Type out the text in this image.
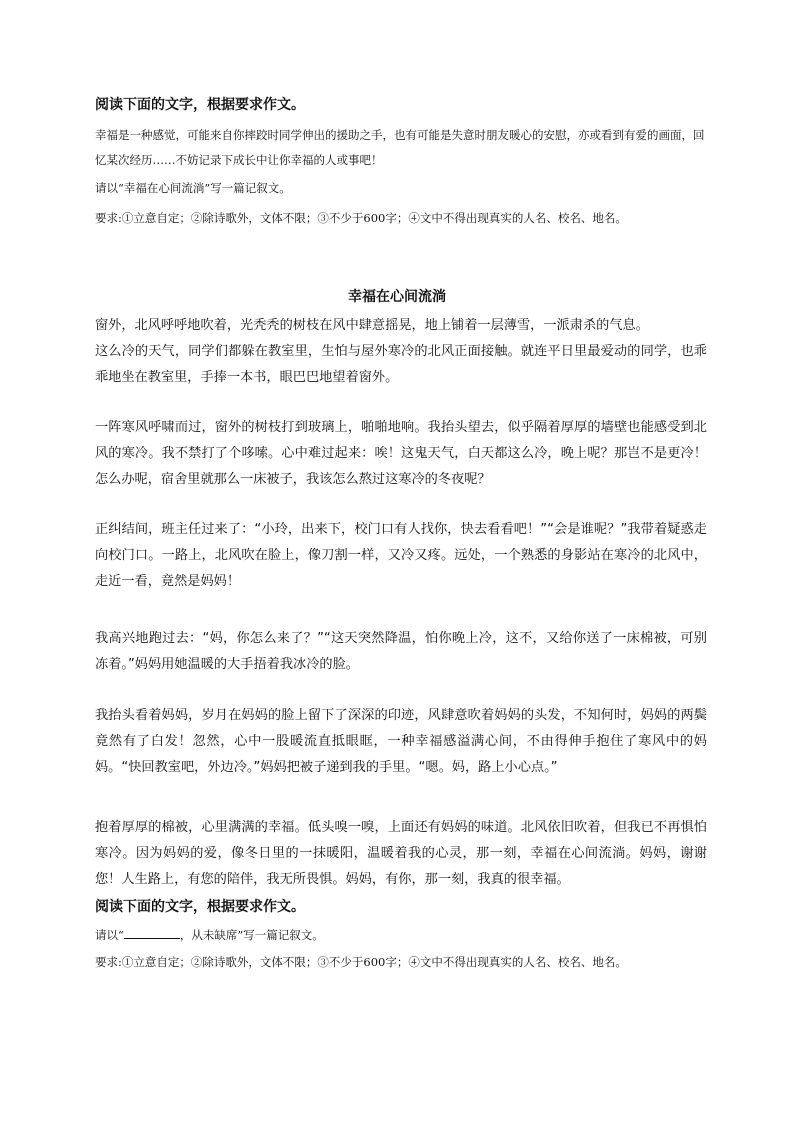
阅读下面的文字，根据要求作文。
幸福是一种感觉，可能来自你摔跤时同学伸出的援助之手，也有可能是失意时朋友暖心的安慰，亦或看到有爱的画面，回忆某次经历……不妨记录下成长中让你幸福的人或事吧！
请以“幸福在心间流淌”写一篇记叙文。
要求:①立意自定；②除诗歌外，文体不限；③不少于600字；④文中不得出现真实的人名、校名、地名。
幸福在心间流淌
窗外，北风呼呼地吹着，光秃秃的树枝在风中肆意摇晃，地上铺着一层薄雪，一派肃杀的气息。
这么冷的天气，同学们都躲在教室里，生怕与屋外寒冷的北风正面接触。就连平日里最爱动的同学，也乖乖地坐在教室里，手捧一本书，眼巴巴地望着窗外。
一阵寒风呼啸而过，窗外的树枝打到玻璃上，啪啪地响。我抬头望去，似乎隔着厚厚的墙壁也能感受到北风的寒冷。我不禁打了个哆嗦。心中难过起来：唉！这鬼天气，白天都这么冷，晚上呢？那岂不是更冷！怎么办呢，宿舍里就那么一床被子，我该怎么熬过这寒冷的冬夜呢？
正纠结间，班主任过来了：“小玲，出来下，校门口有人找你，快去看看吧！”“会是谁呢？”我带着疑惑走向校门口。一路上，北风吹在脸上，像刀割一样，又冷又疼。远处，一个熟悉的身影站在寒冷的北风中，走近一看，竟然是妈妈！
我高兴地跑过去：“妈，你怎么来了？”“这天突然降温，怕你晚上冷，这不，又给你送了一床棉被，可别冻着。”妈妈用她温暖的大手捂着我冰冷的脸。
我抬头看着妈妈，岁月在妈妈的脸上留下了深深的印迹，风肆意吹着妈妈的头发，不知何时，妈妈的两鬓竟然有了白发！忽然，心中一股暖流直抵眼眶，一种幸福感溢满心间，不由得伸手抱住了寒风中的妈妈。“快回教室吧，外边冷。”妈妈把被子递到我的手里。“嗯。妈，路上小心点。”
抱着厚厚的棉被，心里满满的幸福。低头嗅一嗅，上面还有妈妈的味道。北风依旧吹着，但我已不再惧怕寒冷。因为妈妈的爱，像冬日里的一抹暖阳，温暖着我的心灵，那一刻，幸福在心间流淌。妈妈，谢谢您！人生路上，有您的陪伴，我无所畏惧。妈妈，有你，那一刻，我真的很幸福。
阅读下面的文字，根据要求作文。
请以“	，从未缺席”写一篇记叙文。
要求:①立意自定；②除诗歌外，文体不限；③不少于600字；④文中不得出现真实的人名、校名、地名。
